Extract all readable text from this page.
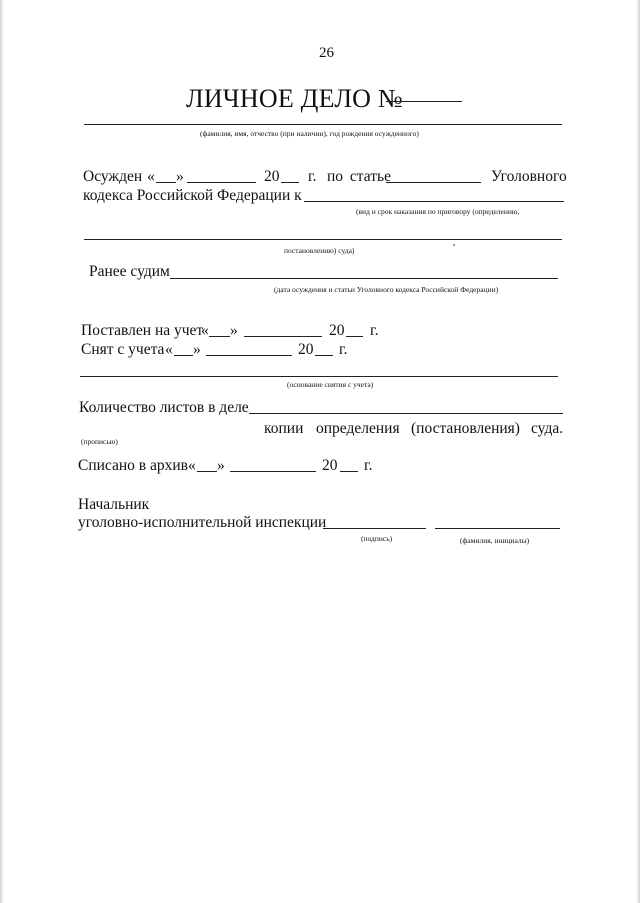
26
ЛИЧНОЕ ДЕЛО №
(фамилия, имя, отчество (при наличии), год рождения осужденного)
Осужден « »	20 г. по статье	Уголовного
кодекса Российской Федерации к
(вид и срок наказания по приговору (определению,
постановлению) суда)
Ранее судим
(дата осуждения и статьи Уголовного кодекса Российской Федерации)
Поставлен на учет
« »	20 г.
Снят с учета « »	20 г.
(основание снятия с учета)
Количество листов в деле
копии определения (постановления) суда.
(прописью)
Списано в архив « »	20 г.
Начальник
уголовно-исполнительной инспекции
(подпись)	(фамилия, инициалы)
